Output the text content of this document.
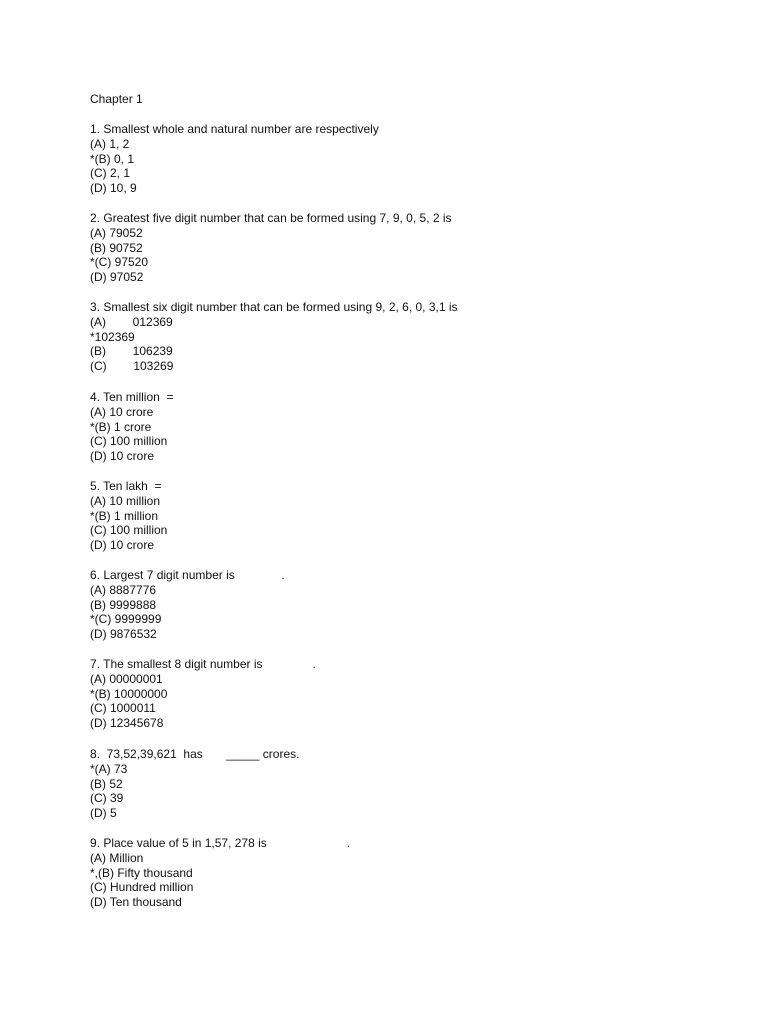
Chapter 1
1. Smallest whole and natural number are respectively
(A) 1, 2
*(B) 0, 1
(C) 2, 1
(D) 10, 9
2. Greatest five digit number that can be formed using 7, 9, 0, 5, 2 is
(A) 79052
(B) 90752
*(C) 97520
(D) 97052
3. Smallest six digit number that can be formed using 9, 2, 6, 0, 3,1 is
(A)        012369
*102369
(B)        106239
(C)        103269
4. Ten million  =
(A) 10 crore
*(B) 1 crore
(C) 100 million
(D) 10 crore
5. Ten lakh  =
(A) 10 million
*(B) 1 million
(C) 100 million
(D) 10 crore
6. Largest 7 digit number is              .
(A) 8887776
(B) 9999888
*(C) 9999999
(D) 9876532
7. The smallest 8 digit number is               .
(A) 00000001
*(B) 10000000
(C) 1000011
(D) 12345678
8.  73,52,39,621  has       _____ crores.
*(A) 73
(B) 52
(C) 39
(D) 5
9. Place value of 5 in 1,57, 278 is                        .
(A) Million
*,(B) Fifty thousand
(C) Hundred million
(D) Ten thousand
